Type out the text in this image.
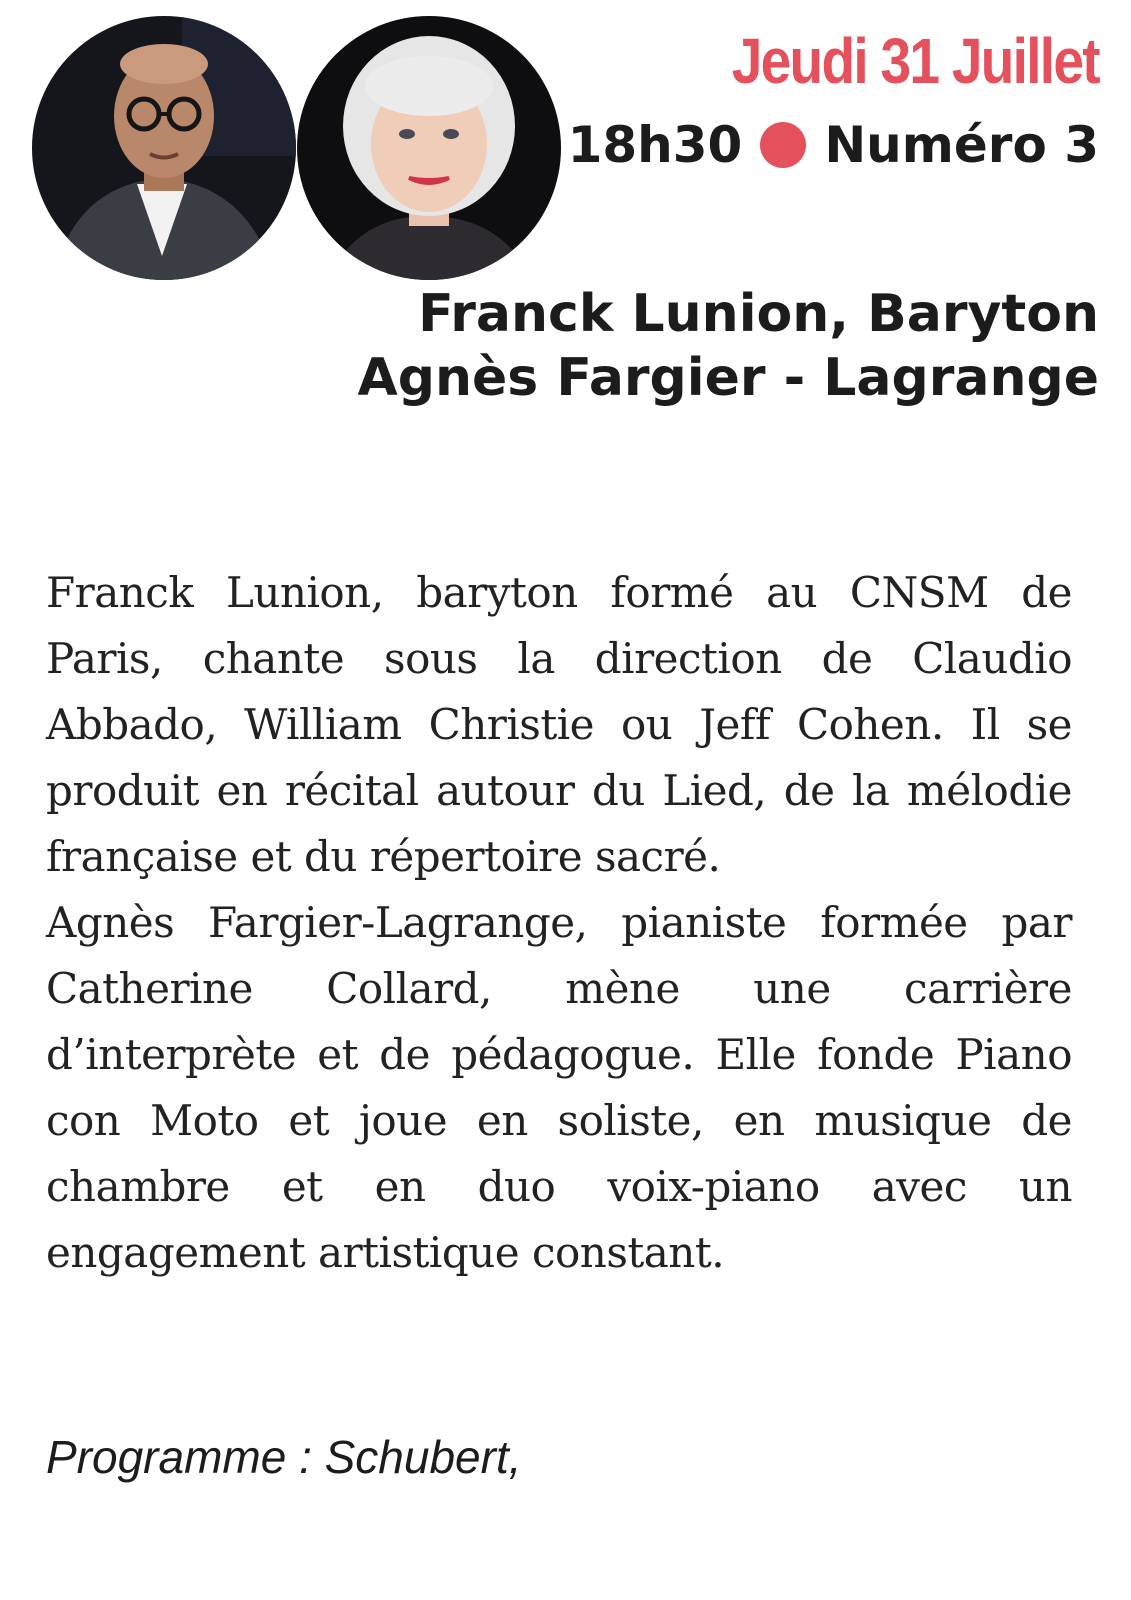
Jeudi 31 Juillet
18h30 Numéro 3
Franck Lunion, Baryton
Agnès Fargier - Lagrange

Franck Lunion, baryton formé au CNSM de Paris, chante sous la direction de Claudio Abbado, William Christie ou Jeff Cohen. Il se produit en récital autour du Lied, de la mélodie française et du répertoire sacré.

Agnès Fargier-Lagrange, pianiste formée par Catherine Collard, mène une carrière d’interprète et de pédagogue. Elle fonde Piano con Moto et joue en soliste, en musique de chambre et en duo voix-piano avec un engagement artistique constant.

Programme : Schubert,
